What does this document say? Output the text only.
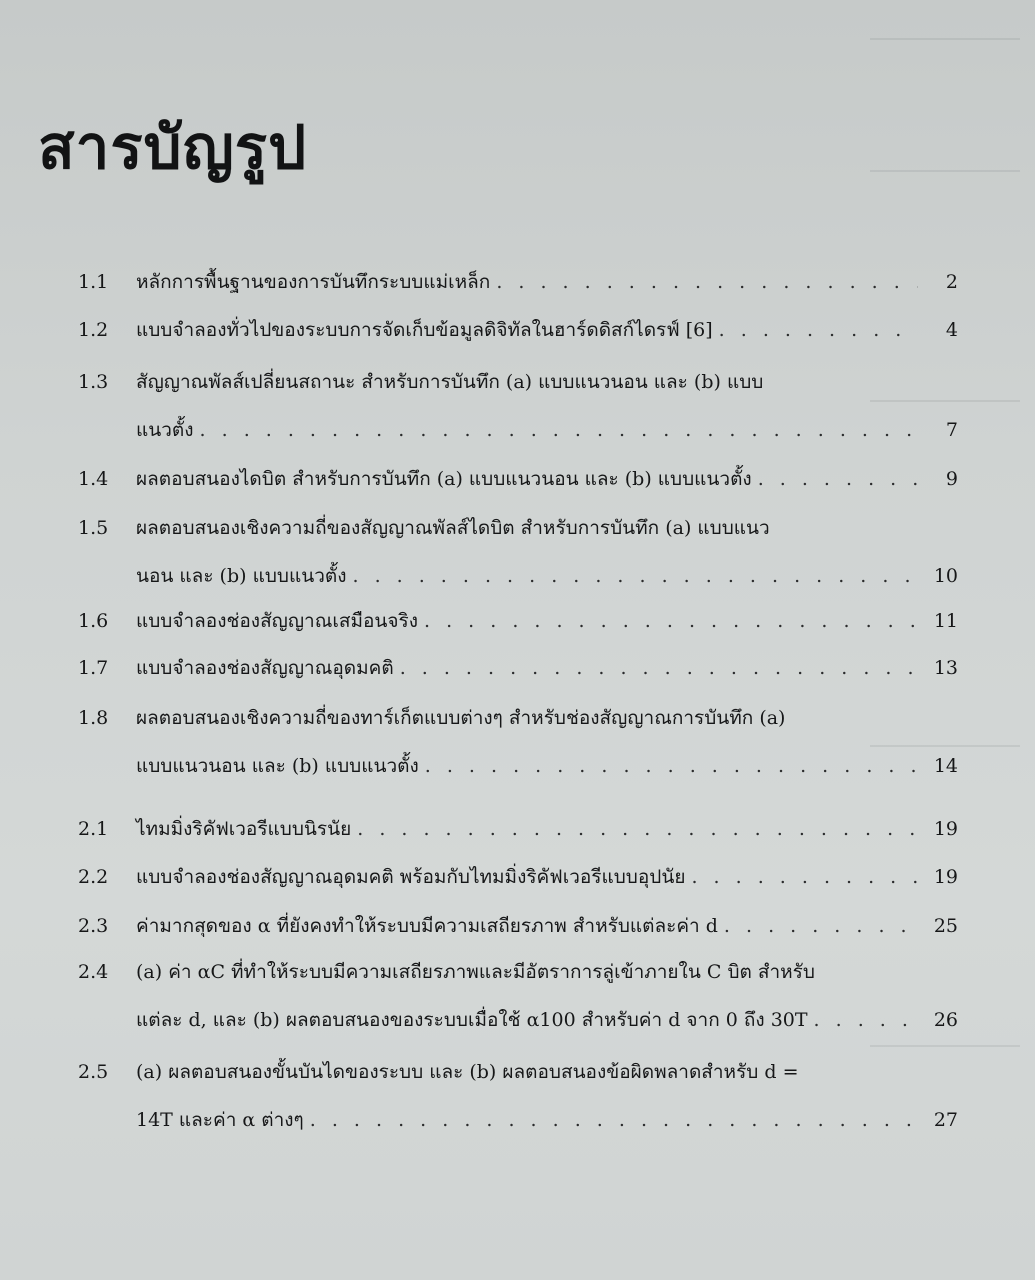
สารบัญรูป
1.1	หลักการพื้นฐานของการบันทึกระบบแม่เหล็ก . . .	2
1.2	แบบจำลองทั่วไปของระบบการจัดเก็บข้อมูลดิจิทัลในฮาร์ดดิสก์ไดรฟ์ [6] . . .	4
1.3	สัญญาณพัลส์เปลี่ยนสถานะ สำหรับการบันทึก (a) แบบแนวนอน และ (b) แบบ
แนวตั้ง . . .	7
1.4	ผลตอบสนองไดบิต สำหรับการบันทึก (a) แบบแนวนอน และ (b) แบบแนวตั้ง . . .	9
1.5	ผลตอบสนองเชิงความถี่ของสัญญาณพัลส์ไดบิต สำหรับการบันทึก (a) แบบแนว
นอน และ (b) แบบแนวตั้ง . . .	10
1.6	แบบจำลองช่องสัญญาณเสมือนจริง . . .	11
1.7	แบบจำลองช่องสัญญาณอุดมคติ . . .	13
1.8	ผลตอบสนองเชิงความถี่ของทาร์เก็ตแบบต่างๆ สำหรับช่องสัญญาณการบันทึก (a)
แบบแนวนอน และ (b) แบบแนวตั้ง . . .	14
2.1	ไทมมิ่งริคัฟเวอรีแบบนิรนัย . . .	19
2.2	แบบจำลองช่องสัญญาณอุดมคติ พร้อมกับไทมมิ่งริคัฟเวอรีแบบอุปนัย . . .	19
2.3	ค่ามากสุดของ α ที่ยังคงทำให้ระบบมีความเสถียรภาพ สำหรับแต่ละค่า d . . .	25
2.4	(a) ค่า αC ที่ทำให้ระบบมีความเสถียรภาพและมีอัตราการลู่เข้าภายใน C บิต สำหรับ
แต่ละ d, และ (b) ผลตอบสนองของระบบเมื่อใช้ α100 สำหรับค่า d จาก 0 ถึง 30T . . .	26
2.5	(a) ผลตอบสนองขั้นบันไดของระบบ และ (b) ผลตอบสนองข้อผิดพลาดสำหรับ d =
14T และค่า α ต่างๆ . . .	27
